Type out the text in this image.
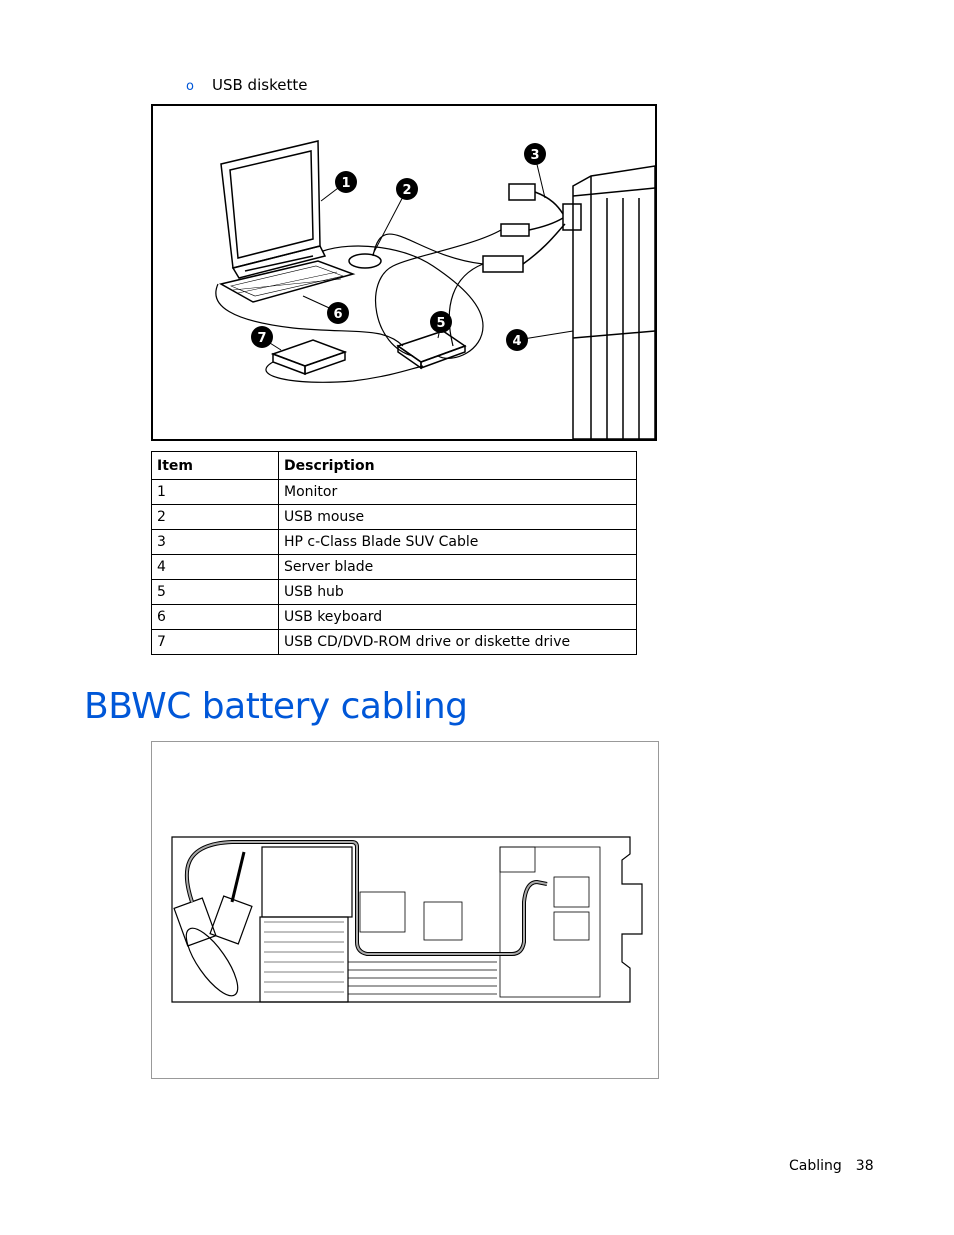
o USB diskette
1	2
3
4
5
6
7
Item	Description
1	Monitor
2	USB mouse
3	HP c-Class Blade SUV Cable
4	Server blade
5	USB hub
6	USB keyboard
7	USB CD/DVD-ROM drive or diskette drive
BBWC battery cabling
Cabling 38
